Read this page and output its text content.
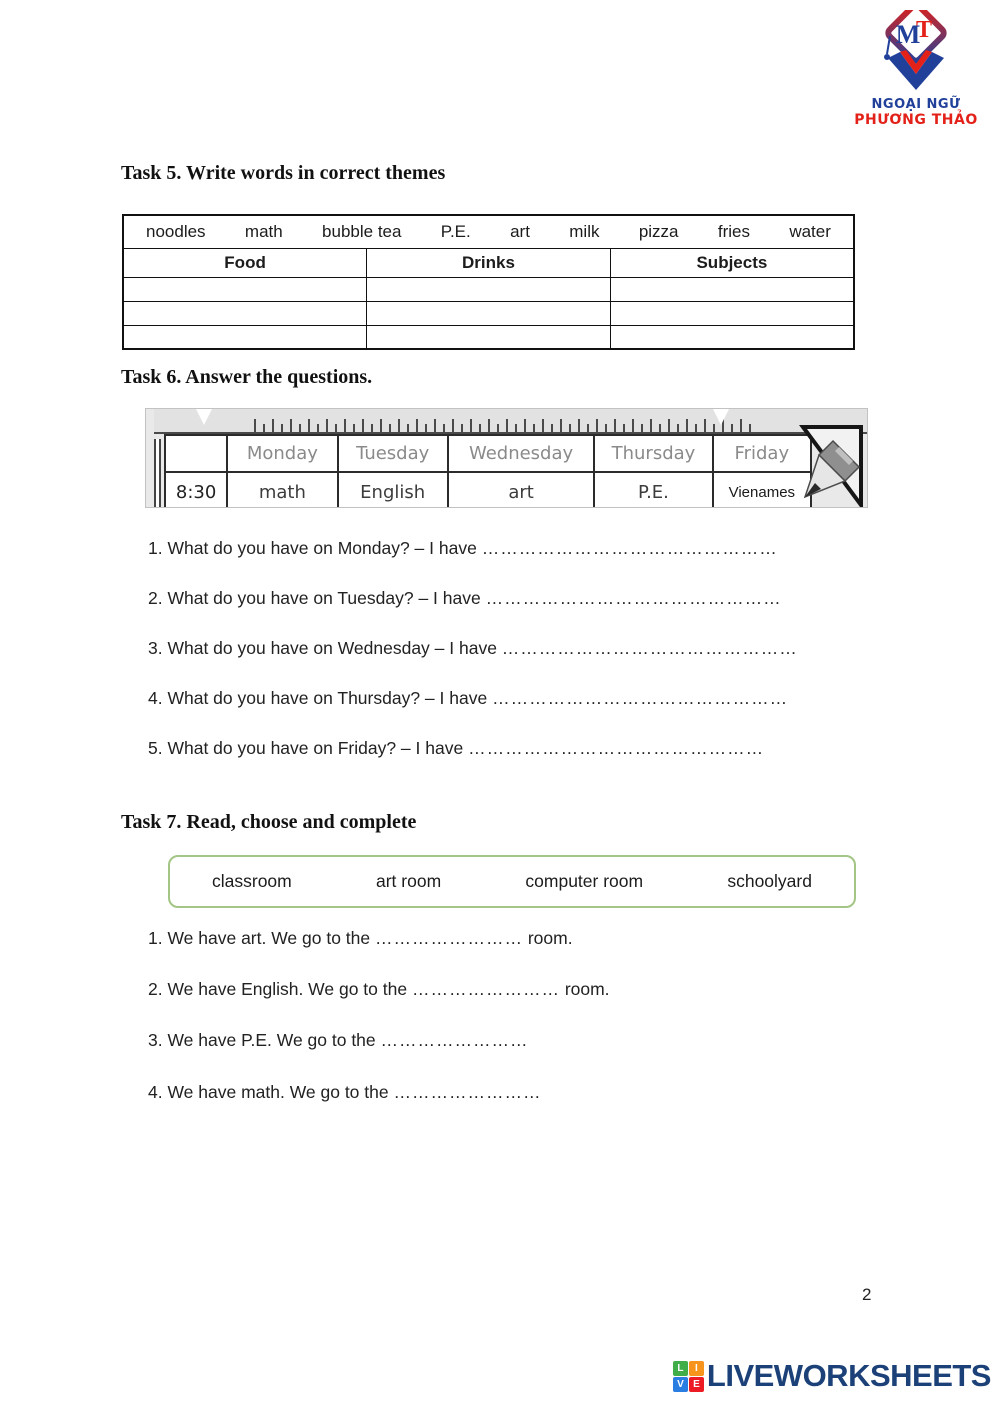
M
T
NGOẠI NGỮ
PHƯƠNG THẢO
Task 5. Write words in correct themes
noodles math bubble tea P.E. art milk pizza fries water

Food	Drinks	Subjects

Task 6. Answer the questions.
	Monday	Tuesday	Wednesday	Thursday	Friday
8:30	math	English	art	P.E.	Vienames

1. What do you have on Monday? – I have …………………………………………

2. What do you have on Tuesday? – I have …………………………………………

3. What do you have on Wednesday – I have …………………………………………

4. What do you have on Thursday? – I have …………………………………………

5. What do you have on Friday? – I have …………………………………………

Task 7. Read, choose and complete
classroom	art room	computer room	schoolyard

1. We have art. We go to the …………………… room.

2. We have English. We go to the …………………… room.

3. We have P.E. We go to the ……………………

4. We have math. We go to the ……………………

2
L	I
V E LIVEWORKSHEETS
